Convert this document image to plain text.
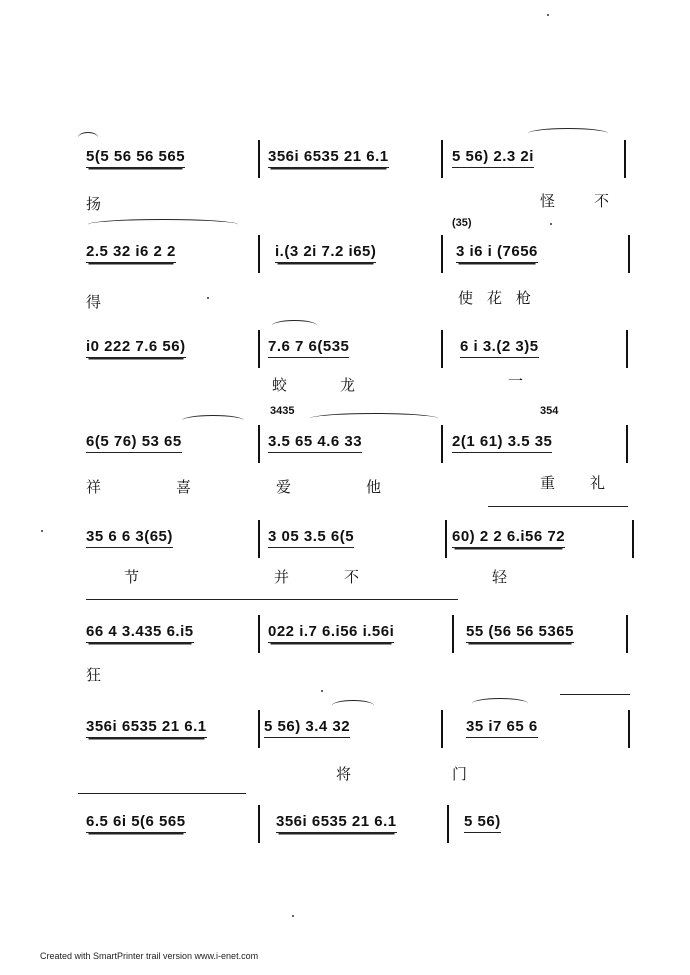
5(5 56 56 565	356i 6535 21 6.1	5 56) 2.3 2i
扬	怪	不
2.5 32 i6 2 2	i.(3 2i 7.2 i65)
(35)
3 i6 i (7656
得	使花枪
i0 222 7.6 56)	7.6 7 6(535	6 i 3.(2 3)5
蛟	龙	一
6(5 76) 53 65
3435
3.5 65 4.6 33
354
2(1 61) 3.5 35
祥	喜	爱	他	重 礼
35 6 6 3(65)	3 05 3.5 6(5	60) 2 2 6.i56 72
节	并	不	轻
66 4 3.435 6.i5	022 i.7 6.i56 i.56i	55 (56 56 5365
狂
356i 6535 21 6.1	5 56) 3.4 32	35 i7 65 6
将	门
6.5 6i 5(6 565	356i 6535 21 6.1	5 56)
Created with SmartPrinter trail version www.i-enet.com
